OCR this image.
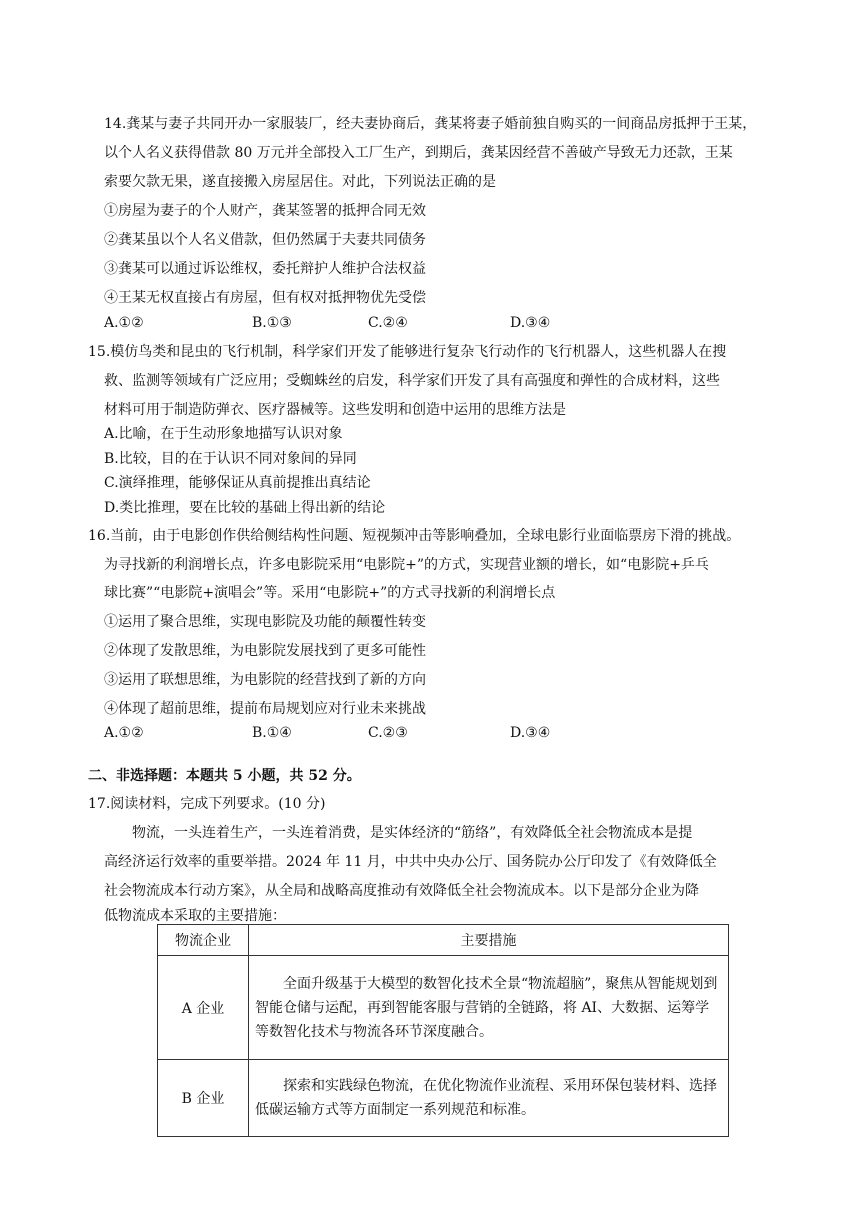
14.龚某与妻子共同开办一家服装厂，经夫妻协商后，龚某将妻子婚前独自购买的一间商品房抵押于王某，
以个人名义获得借款 80 万元并全部投入工厂生产，到期后，龚某因经营不善破产导致无力还款，王某
索要欠款无果，遂直接搬入房屋居住。对此，下列说法正确的是
①房屋为妻子的个人财产，龚某签署的抵押合同无效
②龚某虽以个人名义借款，但仍然属于夫妻共同债务
③龚某可以通过诉讼维权，委托辩护人维护合法权益
④王某无权直接占有房屋，但有权对抵押物优先受偿
A.①②	B.①③	C.②④	D.③④
15.模仿鸟类和昆虫的飞行机制，科学家们开发了能够进行复杂飞行动作的飞行机器人，这些机器人在搜
救、监测等领域有广泛应用；受蜘蛛丝的启发，科学家们开发了具有高强度和弹性的合成材料，这些
材料可用于制造防弹衣、医疗器械等。这些发明和创造中运用的思维方法是
A.比喻，在于生动形象地描写认识对象
B.比较，目的在于认识不同对象间的异同
C.演绎推理，能够保证从真前提推出真结论
D.类比推理，要在比较的基础上得出新的结论
16.当前，由于电影创作供给侧结构性问题、短视频冲击等影响叠加，全球电影行业面临票房下滑的挑战。
为寻找新的利润增长点，许多电影院采用“电影院+”的方式，实现营业额的增长，如“电影院+乒乓
球比赛”“电影院+演唱会”等。采用“电影院+”的方式寻找新的利润增长点
①运用了聚合思维，实现电影院及功能的颠覆性转变
②体现了发散思维，为电影院发展找到了更多可能性
③运用了联想思维，为电影院的经营找到了新的方向
④体现了超前思维，提前布局规划应对行业未来挑战
A.①②	B.①④	C.②③	D.③④
二、非选择题：本题共 5 小题，共 52 分。
17.阅读材料，完成下列要求。(10 分)
物流，一头连着生产，一头连着消费，是实体经济的“筋络”，有效降低全社会物流成本是提
高经济运行效率的重要举措。2024 年 11 月，中共中央办公厅、国务院办公厅印发了《有效降低全
社会物流成本行动方案》，从全局和战略高度推动有效降低全社会物流成本。以下是部分企业为降
低物流成本采取的主要措施：
物流企业	主要措施
A 企业	全面升级基于大模型的数智化技术全景“物流超脑”，聚焦从智能规划到智能仓储与运配，再到智能客服与营销的全链路，将 AI、大数据、运筹学等数智化技术与物流各环节深度融合。
B 企业	探索和实践绿色物流，在优化物流作业流程、采用环保包装材料、选择低碳运输方式等方面制定一系列规范和标准。
